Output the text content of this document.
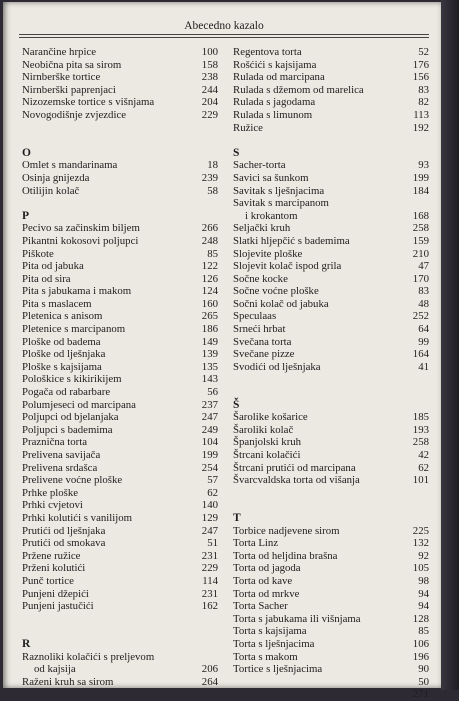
Abecedno kazalo
Narančine hrpice	100
Neobična pita sa sirom	158
Nirnberške tortice	238
Nirnberški paprenjaci	244
Nizozemske tortice s višnjama	204
Novogodišnje zvjezdice	229
O
Omlet s mandarinama	18
Osinja gnijezda	239
Otilijin kolač	58
P
Pecivo sa začinskim biljem	266
Pikantni kokosovi poljupci	248
Piškote	85
Pita od jabuka	122
Pita od sira	126
Pita s jabukama i makom	124
Pita s maslacem	160
Pletenica s anisom	265
Pletenice s marcipanom	186
Ploške od badema	149
Ploške od lješnjaka	139
Ploške s kajsijama	135
Pološkice s kikirikijem	143
Pogača od rabarbare	56
Polumjeseci od marcipana	237
Poljupci od bjelanjaka	247
Poljupci s bademima	249
Praznična torta	104
Prelivena savijača	199
Prelivena srdašca	254
Prelivene voćne ploške	57
Prhke ploške	62
Prhki cvjetovi	140
Prhki kolutići s vanilijom	129
Prutići od lješnjaka	247
Prutići od smokava	51
Pržene ružice	231
Prženi kolutići	229
Punč tortice	114
Punjeni džepići	231
Punjeni jastučići	162
R
Raznoliki kolačići s preljevom
od kajsija	206
Raženi kruh sa sirom	264
Regentova torta	52
Rošćići s kajsijama	176
Rulada od marcipana	156
Rulada s džemom od marelica	83
Rulada s jagodama	82
Rulada s limunom	113
Ružice	192
S
Sacher-torta	93
Savici sa šunkom	199
Savitak s lješnjacima	184
Savitak s marcipanom
i krokantom	168
Seljački kruh	258
Slatki hljepčić s bademima	159
Slojevite ploške	210
Slojevit kolač ispod grila	47
Sočne kocke	170
Sočne voćne ploške	83
Sočni kolač od jabuka	48
Speculaas	252
Srneći hrbat	64
Svečana torta	99
Svečane pizze	164
Svodići od lješnjaka	41
Š
Šarolike košarice	185
Šaroliki kolač	193
Španjolski kruh	258
Štrcani kolačići	42
Štrcani prutići od marcipana	62
Švarcvaldska torta od višanja	101
T
Torbice nadjevene sirom	225
Torta Linz	132
Torta od heljdina brašna	92
Torta od jagoda	105
Torta od kave	98
Torta od mrkve	94
Torta Sacher	94
Torta s jabukama ili višnjama	128
Torta s kajsijama	85
Torta s lješnjacima	106
Torta s makom	196
Tortice s lješnjacima	90
50
271
